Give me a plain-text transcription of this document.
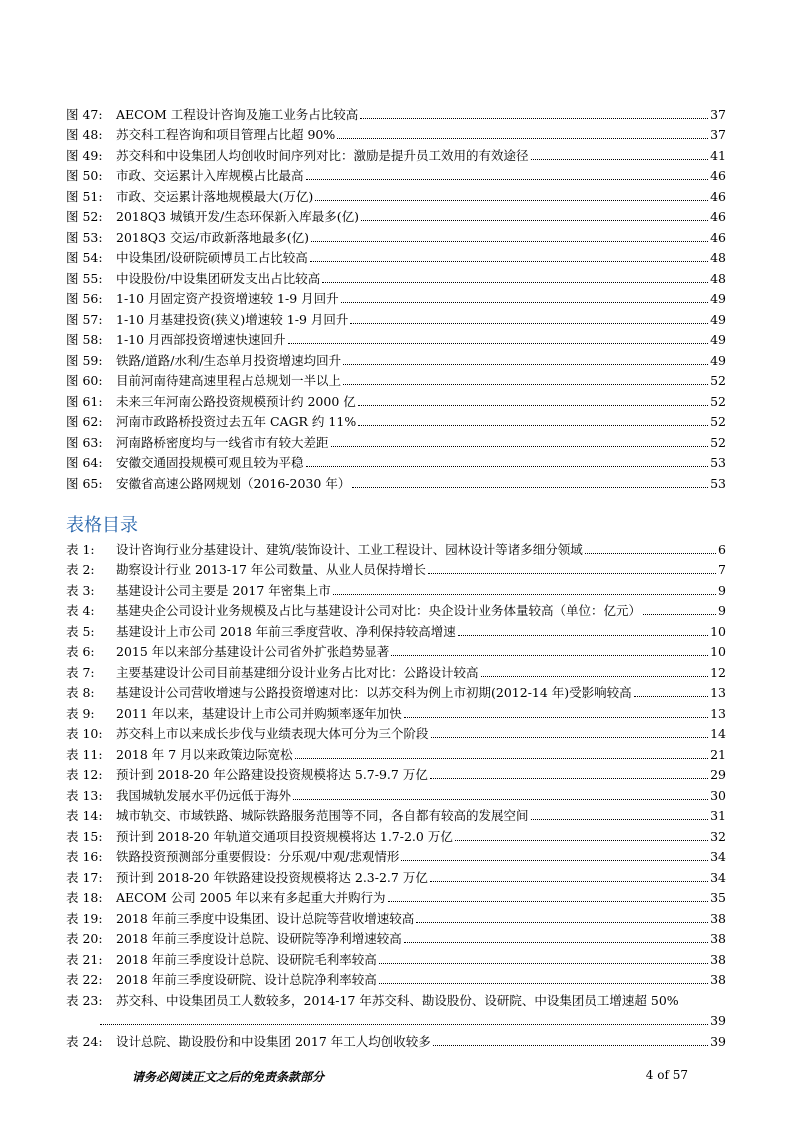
图 47:	AECOM 工程设计咨询及施工业务占比较高	37
图 48:	苏交科工程咨询和项目管理占比超 90%	37
图 49:	苏交科和中设集团人均创收时间序列对比：激励是提升员工效用的有效途径	41
图 50:	市政、交运累计入库规模占比最高	46
图 51:	市政、交运累计落地规模最大(万亿)	46
图 52:	2018Q3 城镇开发/生态环保新入库最多(亿)	46
图 53:	2018Q3 交运/市政新落地最多(亿)	46
图 54:	中设集团/设研院硕博员工占比较高	48
图 55:	中设股份/中设集团研发支出占比较高	48
图 56:	1-10 月固定资产投资增速较 1-9 月回升	49
图 57:	1-10 月基建投资(狭义)增速较 1-9 月回升	49
图 58:	1-10 月西部投资增速快速回升	49
图 59:	铁路/道路/水利/生态单月投资增速均回升	49
图 60:	目前河南待建高速里程占总规划一半以上	52
图 61:	未来三年河南公路投资规模预计约 2000 亿	52
图 62:	河南市政路桥投资过去五年 CAGR 约 11%	52
图 63:	河南路桥密度均与一线省市有较大差距	52
图 64:	安徽交通固投规模可观且较为平稳	53
图 65:	安徽省高速公路网规划（2016-2030 年）	53
表格目录
表 1:	设计咨询行业分基建设计、建筑/装饰设计、工业工程设计、园林设计等诸多细分领域	6
表 2:	勘察设计行业 2013-17 年公司数量、从业人员保持增长	7
表 3:	基建设计公司主要是 2017 年密集上市	9
表 4:	基建央企公司设计业务规模及占比与基建设计公司对比：央企设计业务体量较高（单位：亿元）	9
表 5:	基建设计上市公司 2018 年前三季度营收、净利保持较高增速	10
表 6:	2015 年以来部分基建设计公司省外扩张趋势显著	10
表 7:	主要基建设计公司目前基建细分设计业务占比对比：公路设计较高	12
表 8:	基建设计公司营收增速与公路投资增速对比：以苏交科为例上市初期(2012-14 年)受影响较高	13
表 9:	2011 年以来，基建设计上市公司并购频率逐年加快	13
表 10:	苏交科上市以来成长步伐与业绩表现大体可分为三个阶段	14
表 11:	2018 年 7 月以来政策边际宽松	21
表 12:	预计到 2018-20 年公路建设投资规模将达 5.7-9.7 万亿	29
表 13:	我国城轨发展水平仍远低于海外	30
表 14:	城市轨交、市域铁路、城际铁路服务范围等不同，各自都有较高的发展空间	31
表 15:	预计到 2018-20 年轨道交通项目投资规模将达 1.7-2.0 万亿	32
表 16:	铁路投资预测部分重要假设：分乐观/中观/悲观情形	34
表 17:	预计到 2018-20 年铁路建设投资规模将达 2.3-2.7 万亿	34
表 18:	AECOM 公司 2005 年以来有多起重大并购行为	35
表 19:	2018 年前三季度中设集团、设计总院等营收增速较高	38
表 20:	2018 年前三季度设计总院、设研院等净利增速较高	38
表 21:	2018 年前三季度设计总院、设研院毛利率较高	38
表 22:	2018 年前三季度设研院、设计总院净利率较高	38
表 23:	苏交科、中设集团员工人数较多，2014-17 年苏交科、勘设股份、设研院、中设集团员工增速超 50%
39
表 24:	设计总院、勘设股份和中设集团 2017 年工人均创收较多	39
请务必阅读正文之后的免责条款部分	4 of 57
